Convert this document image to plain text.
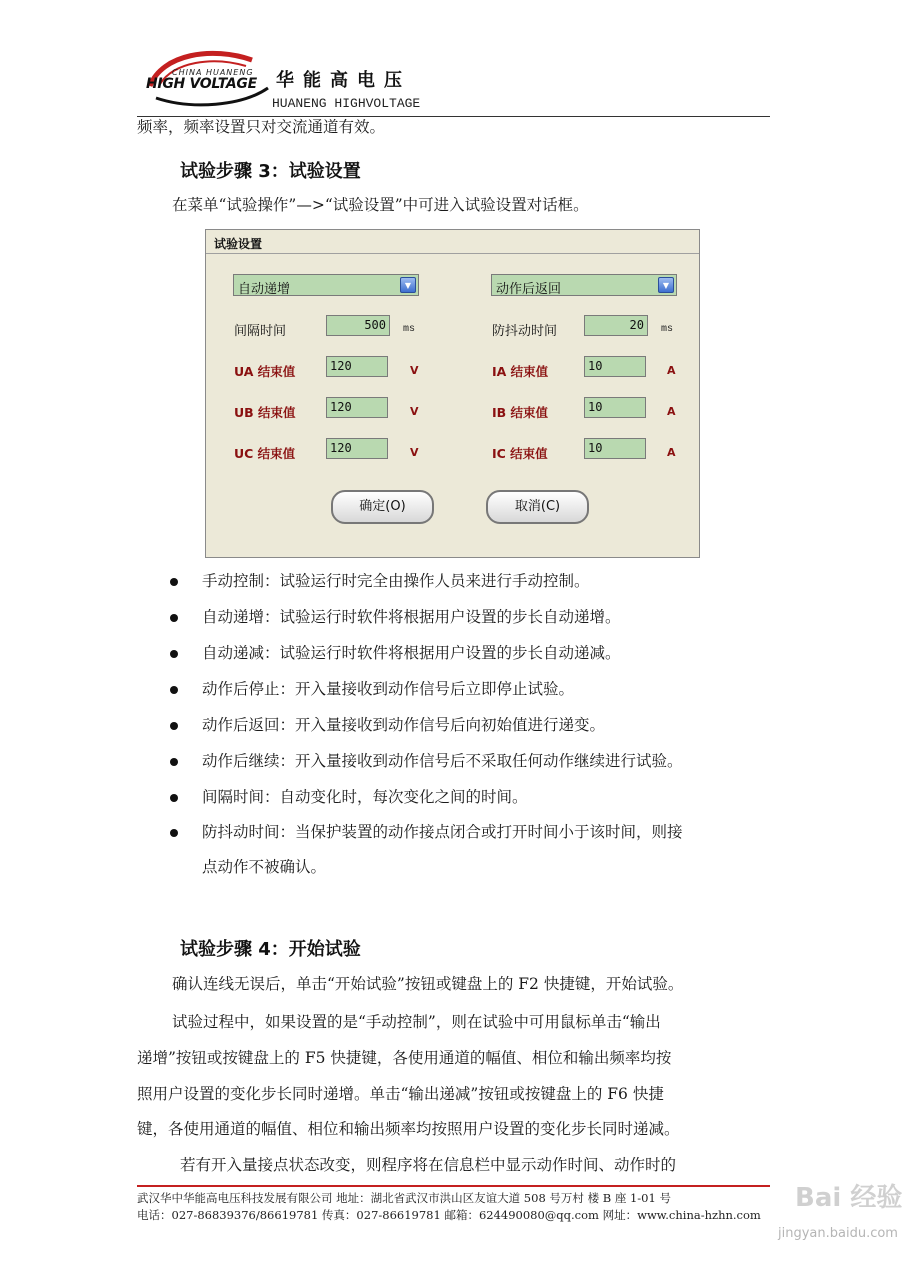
CHINA HUANENG
HIGH VOLTAGE 华能高电压
HUANENG HIGHVOLTAGE
频率，频率设置只对交流通道有效。
试验步骤 3：试验设置
在菜单“试验操作”—>“试验设置”中可进入试验设置对话框。
试验设置
自动递增	▼	动作后返回	▼
间隔时间	500	ms	防抖动时间	20	ms
UA 结束值	120	V	IA 结束值	10	A
UB 结束值	120	V	IB 结束值	10	A
UC 结束值	120	V	IC 结束值	10	A
确定(O)	取消(C)
手动控制：试验运行时完全由操作人员来进行手动控制。
自动递增：试验运行时软件将根据用户设置的步长自动递增。
自动递减：试验运行时软件将根据用户设置的步长自动递减。
动作后停止：开入量接收到动作信号后立即停止试验。
动作后返回：开入量接收到动作信号后向初始值进行递变。
动作后继续：开入量接收到动作信号后不采取任何动作继续进行试验。
间隔时间：自动变化时，每次变化之间的时间。
防抖动时间：当保护装置的动作接点闭合或打开时间小于该时间，则接
点动作不被确认。
试验步骤 4：开始试验
确认连线无误后，单击“开始试验”按钮或键盘上的 F2 快捷键，开始试验。
试验过程中，如果设置的是“手动控制”，则在试验中可用鼠标单击“输出
递增”按钮或按键盘上的 F5 快捷键，各使用通道的幅值、相位和输出频率均按
照用户设置的变化步长同时递增。单击“输出递减”按钮或按键盘上的 F6 快捷
键，各使用通道的幅值、相位和输出频率均按照用户设置的变化步长同时递减。
若有开入量接点状态改变，则程序将在信息栏中显示动作时间、动作时的
武汉华中华能高电压科技发展有限公司 地址：湖北省武汉市洪山区友谊大道 508 号万村 楼 B 座 1-01 号
电话：027-86839376/86619781 传真：027-86619781 邮箱：624490080@qq.com 网址：www.china-hzhn.com
Bai 经验
jingyan.baidu.com
